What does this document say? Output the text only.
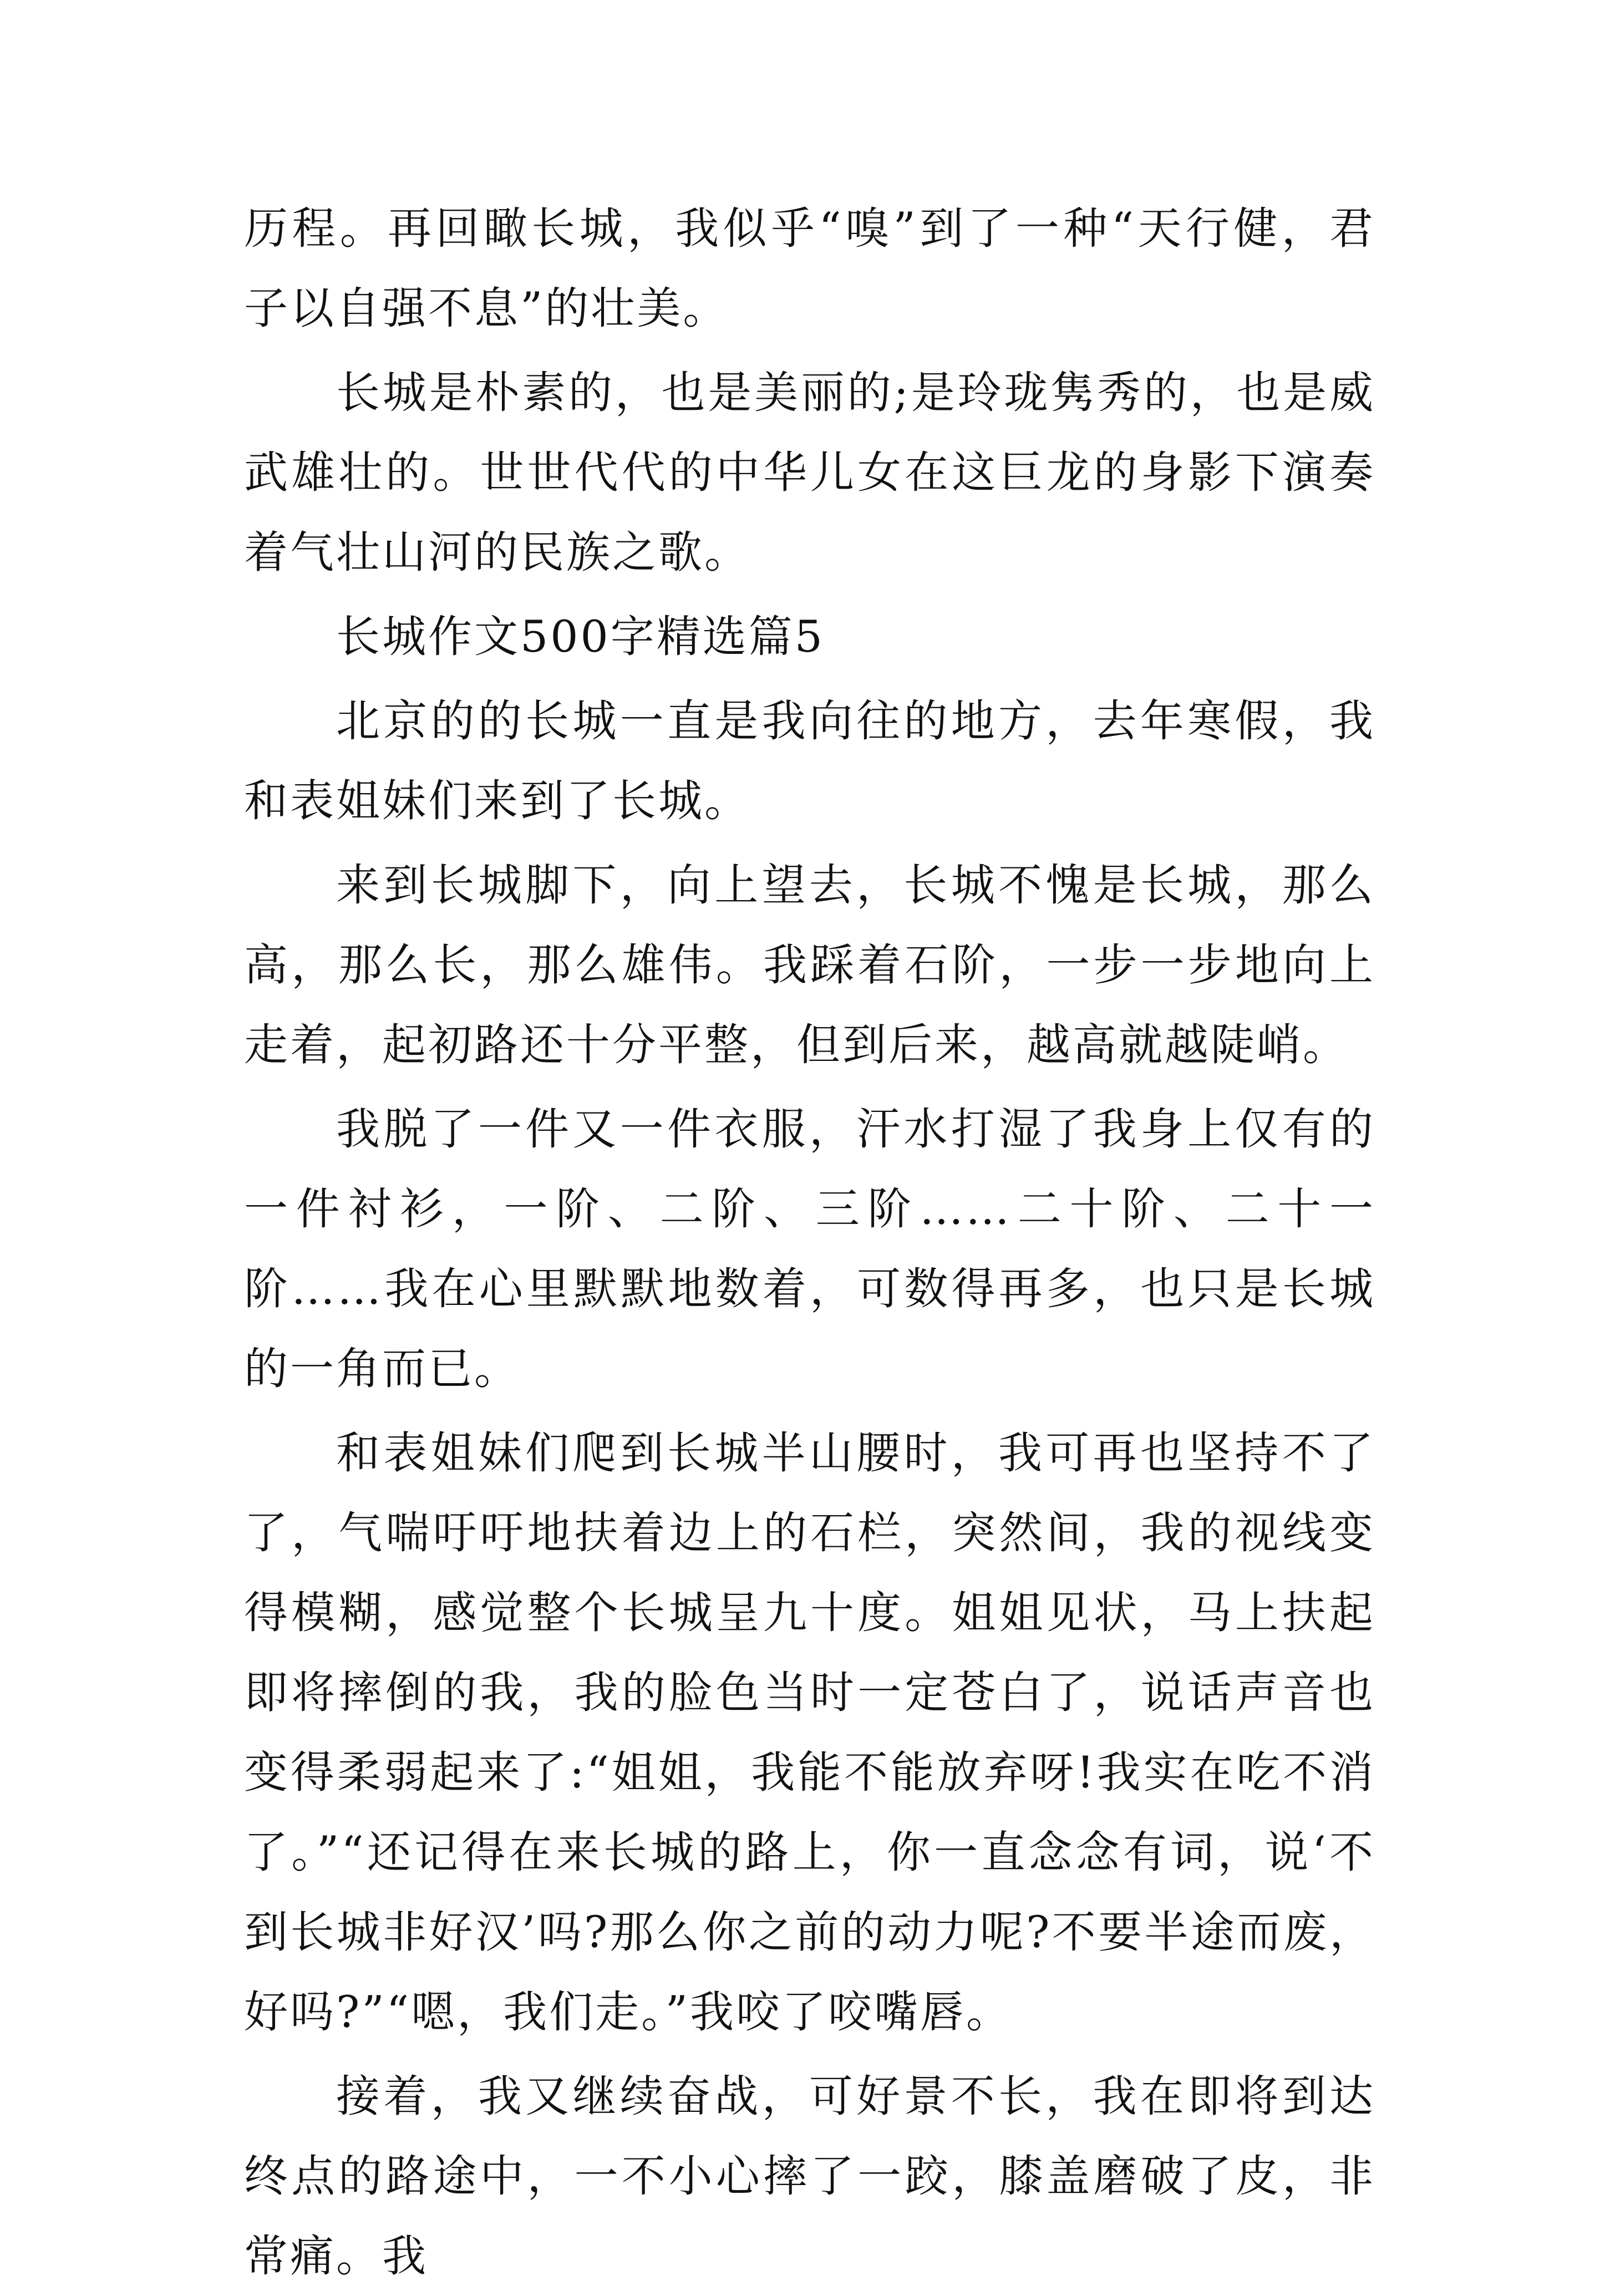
历程。再回瞰长城，我似乎“嗅”到了一种“天行健，君子以自强不息”的壮美。

长城是朴素的，也是美丽的;是玲珑隽秀的，也是威武雄壮的。世世代代的中华儿女在这巨龙的身影下演奏着气壮山河的民族之歌。

长城作文500字精选篇5

北京的的长城一直是我向往的地方，去年寒假，我和表姐妹们来到了长城。

来到长城脚下，向上望去，长城不愧是长城，那么高，那么长，那么雄伟。我踩着石阶，一步一步地向上走着，起初路还十分平整，但到后来，越高就越陡峭。

我脱了一件又一件衣服，汗水打湿了我身上仅有的一件衬衫，一阶、二阶、三阶……二十阶、二十一阶……我在心里默默地数着，可数得再多，也只是长城的一角而已。

和表姐妹们爬到长城半山腰时，我可再也坚持不了了，气喘吁吁地扶着边上的石栏，突然间，我的视线变得模糊，感觉整个长城呈九十度。姐姐见状，马上扶起即将摔倒的我，我的脸色当时一定苍白了，说话声音也变得柔弱起来了:“姐姐，我能不能放弃呀!我实在吃不消了。”“还记得在来长城的路上，你一直念念有词，说‘不到长城非好汉’吗?那么你之前的动力呢?不要半途而废，好吗?”“嗯，我们走。”我咬了咬嘴唇。

接着，我又继续奋战，可好景不长，我在即将到达终点的路途中，一不小心摔了一跤，膝盖磨破了皮，非常痛。我
